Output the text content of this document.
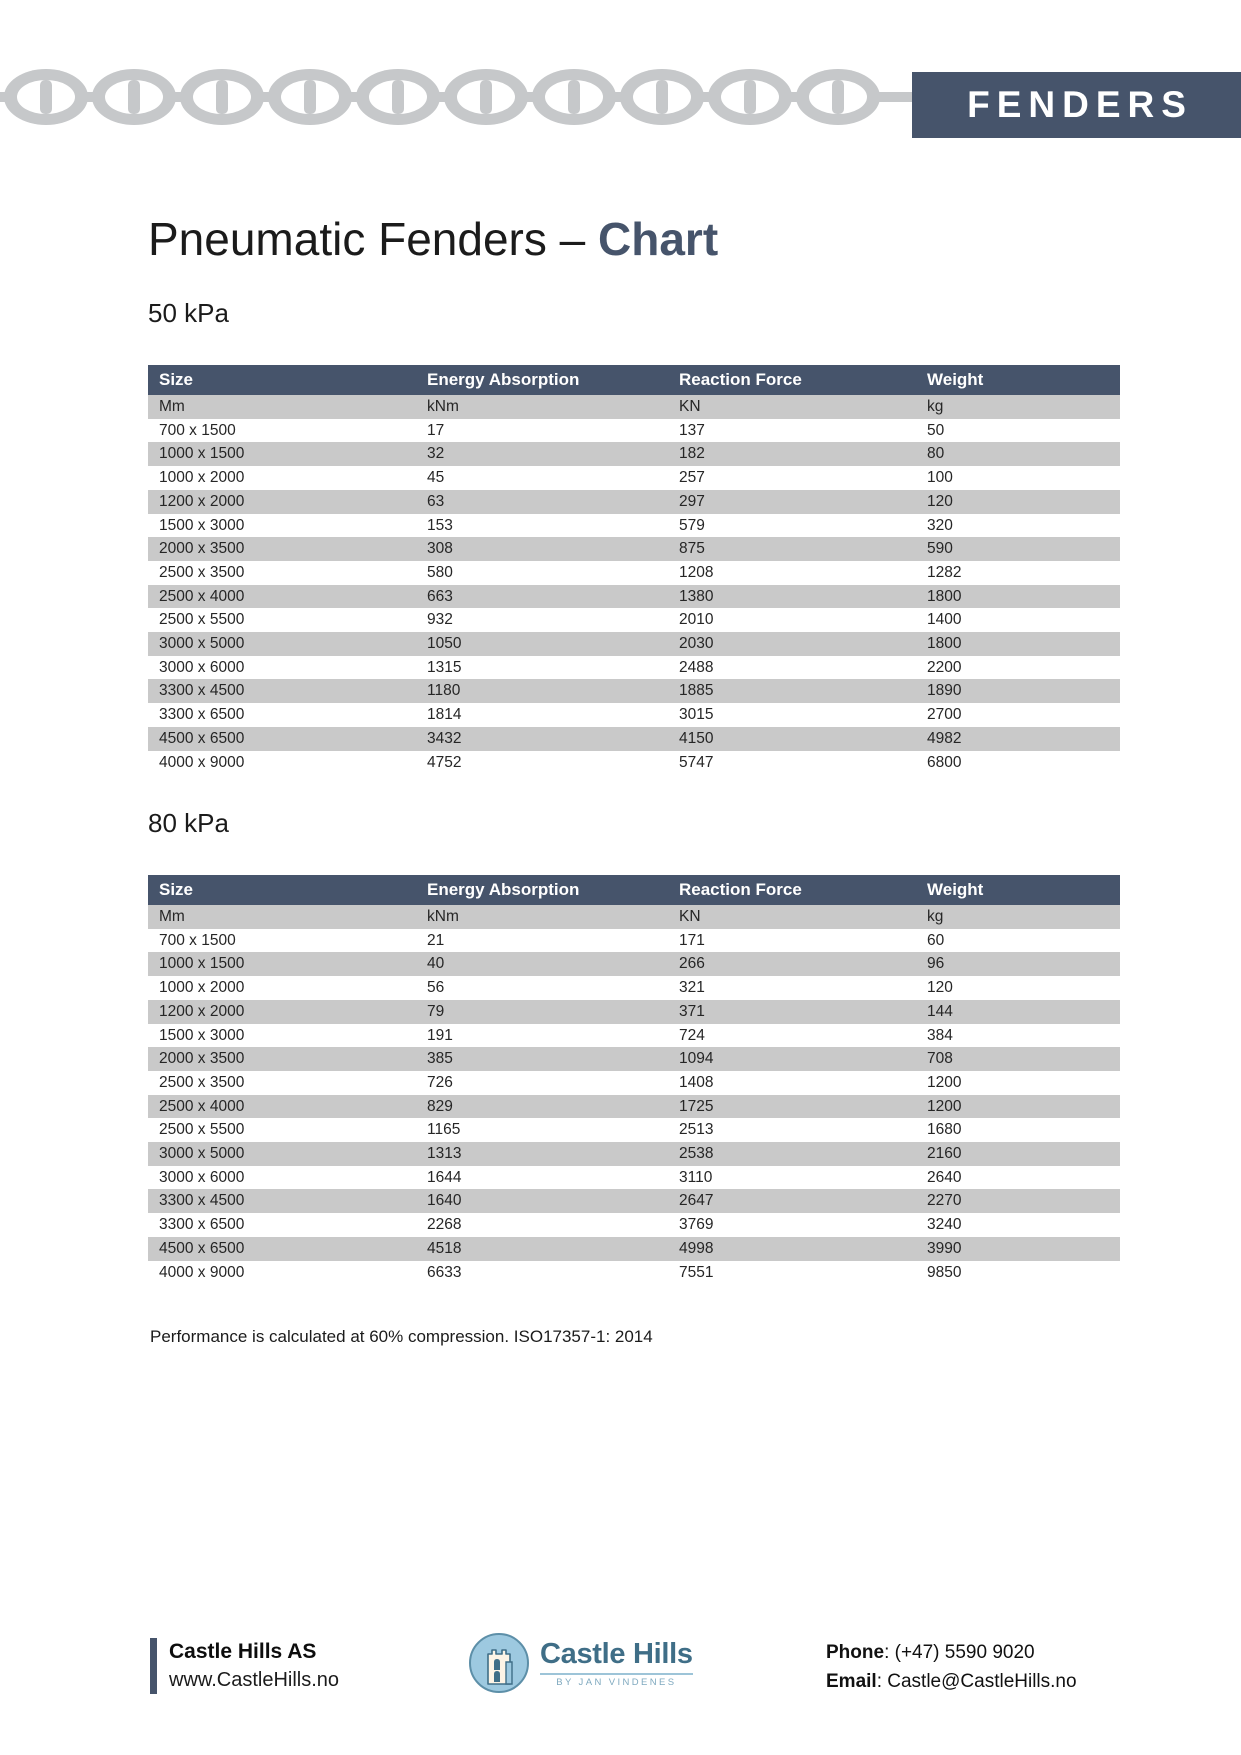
FENDERS
Pneumatic Fenders – Chart
50 kPa
Size	Energy Absorption	Reaction Force	Weight
Mm	kNm	KN	kg
700 x 1500	17	137	50
1000 x 1500	32	182	80
1000 x 2000	45	257	100
1200 x 2000	63	297	120
1500 x 3000	153	579	320
2000 x 3500	308	875	590
2500 x 3500	580	1208	1282
2500 x 4000	663	1380	1800
2500 x 5500	932	2010	1400
3000 x 5000	1050	2030	1800
3000 x 6000	1315	2488	2200
3300 x 4500	1180	1885	1890
3300 x 6500	1814	3015	2700
4500 x 6500	3432	4150	4982
4000 x 9000	4752	5747	6800
80 kPa
Size	Energy Absorption	Reaction Force	Weight
Mm	kNm	KN	kg
700 x 1500	21	171	60
1000 x 1500	40	266	96
1000 x 2000	56	321	120
1200 x 2000	79	371	144
1500 x 3000	191	724	384
2000 x 3500	385	1094	708
2500 x 3500	726	1408	1200
2500 x 4000	829	1725	1200
2500 x 5500	1165	2513	1680
3000 x 5000	1313	2538	2160
3000 x 6000	1644	3110	2640
3300 x 4500	1640	2647	2270
3300 x 6500	2268	3769	3240
4500 x 6500	4518	4998	3990
4000 x 9000	6633	7551	9850
Performance is calculated at 60% compression. ISO17357-1: 2014
Castle Hills AS
www.CastleHills.no
Castle Hills
BY JAN VINDENES
Phone: (+47) 5590 9020
Email: Castle@CastleHills.no
